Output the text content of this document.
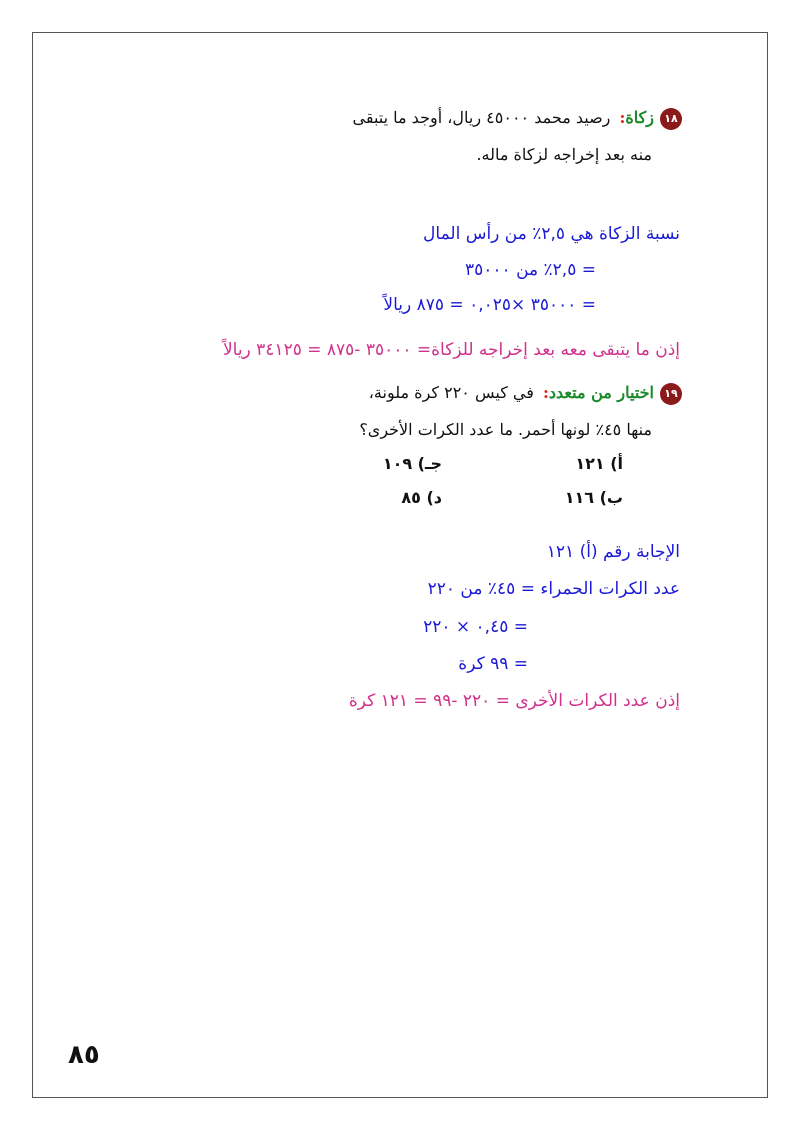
١٨زكاة: رصيد محمد ٤٥٠٠٠ ريال، أوجد ما يتبقى
منه بعد إخراجه لزكاة ماله.
نسبة الزكاة هي ٢,٥٪ من رأس المال
= ٢,٥٪ من ٣٥٠٠٠
= ٣٥٠٠٠ ×٠,٠٢٥ = ٨٧٥ ريالاً
إذن ما يتبقى معه بعد إخراجه للزكاة= ٣٥٠٠٠ -٨٧٥ = ٣٤١٢٥ ريالاً
١٩اختيار من متعدد: في كيس ٢٢٠ كرة ملونة،
منها ٤٥٪ لونها أحمر. ما عدد الكرات الأخرى؟
أ) ١٢١
جـ) ١٠٩
ب) ١١٦
د) ٨٥
الإجابة رقم (أ) ١٢١
عدد الكرات الحمراء = ٤٥٪ من ٢٢٠
= ٠,٤٥ × ٢٢٠
= ٩٩ كرة
إذن عدد الكرات الأخرى = ٢٢٠ -٩٩ = ١٢١ كرة
٨٥
